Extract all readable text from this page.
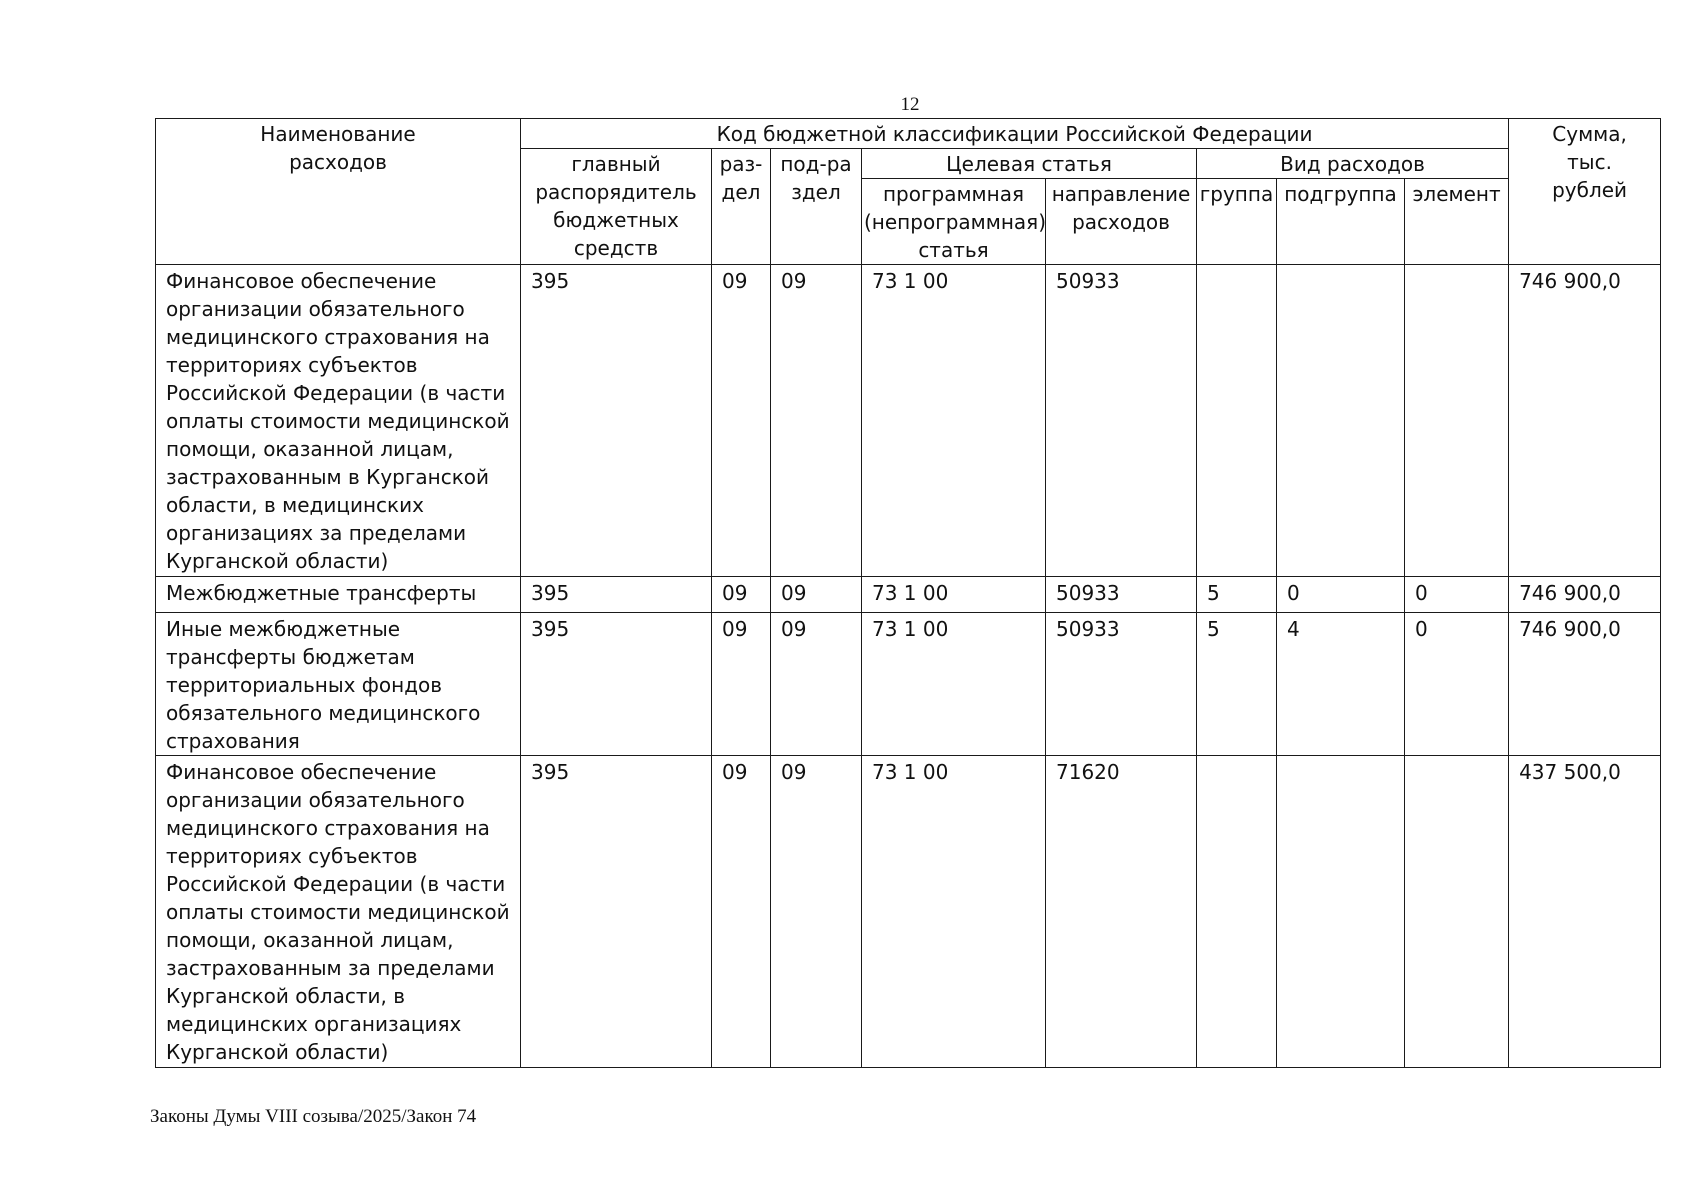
12
Наименование расходов	Код бюджетной классификации Российской Федерации								Сумма, тыс. рублей
	главный распорядитель бюджетных средств	раз-дел	под-раздел	Целевая статья		Вид расходов			
				программная (непрограммная) статья	направление расходов	группа	подгруппа	элемент	
Финансовое обеспечение организации обязательного медицинского страхования на территориях субъектов Российской Федерации (в части оплаты стоимости медицинской помощи, оказанной лицам, застрахованным в Курганской области, в медицинских организациях за пределами Курганской области)	395	09	09	73 1 00	50933				746 900,0
Межбюджетные трансферты	395	09	09	73 1 00	50933	5	0	0	746 900,0
Иные межбюджетные трансферты бюджетам территориальных фондов обязательного медицинского страхования	395	09	09	73 1 00	50933	5	4	0	746 900,0
Финансовое обеспечение организации обязательного медицинского страхования на территориях субъектов Российской Федерации (в части оплаты стоимости медицинской помощи, оказанной лицам, застрахованным за пределами Курганской области, в медицинских организациях Курганской области)	395	09	09	73 1 00	71620				437 500,0
Законы Думы VIII созыва/2025/Закон 74
